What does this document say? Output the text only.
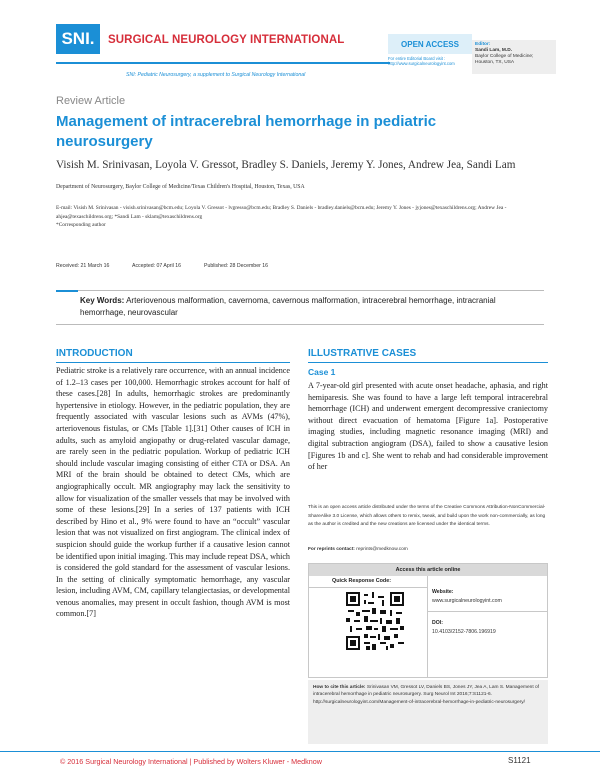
SNI.	SURGICAL NEUROLOGY INTERNATIONAL	OPEN ACCESS
For entire Editorial Board visit :
http://www.surgicalneurologyint.com
Editor:
Sandi Lam, M.D.
Baylor College of Medicine;
Houston, TX, USA
SNI: Pediatric Neurosurgery, a supplement to Surgical Neurology International
Review Article
Management of intracerebral hemorrhage in pediatric neurosurgery
Visish M. Srinivasan, Loyola V. Gressot, Bradley S. Daniels, Jeremy Y. Jones, Andrew Jea, Sandi Lam
Department of Neurosurgery, Baylor College of Medicine/Texas Children's Hospital, Houston, Texas, USA
E-mail: Visish M. Srinivasan - visish.srinivasan@bcm.edu; Loyola V. Gressot - lvgresso@bcm.edu; Bradley S. Daniels - bradley.daniels@bcm.edu; Jeremy Y. Jones - jyjones@texaschildrens.org; Andrew Jea - ahjea@texaschildrens.org; *Sandi Lam - sklam@texaschildrens.org
*Corresponding author
Received: 21 March 16	Accepted: 07 April 16	Published: 28 December 16
Key Words: Arteriovenous malformation, cavernoma, cavernous malformation, intracerebral hemorrhage, intracranial hemorrhage, neurovascular
INTRODUCTION
Pediatric stroke is a relatively rare occurrence, with an annual incidence of 1.2–13 cases per 100,000. Hemorrhagic strokes account for half of these cases.[28] In adults, hemorrhagic strokes are predominantly hypertensive in etiology. However, in the pediatric population, they are frequently associated with vascular lesions such as AVMs (47%), arteriovenous fistulas, or CMs [Table 1].[31] Other causes of ICH in adults, such as amyloid angiopathy or drug-related vascular damage, are rarely seen in the pediatric population. Workup of pediatric ICH should include vascular imaging consisting of either CTA or DSA. An MRI of the brain should be obtained to detect CMs, which are angiographically occult. MR angiography may lack the sensitivity to allow for visualization of the smaller vessels that may be involved with some of these lesions.[29] In a series of 137 patients with ICH described by Hino et al., 9% were found to have an “occult” vascular lesion that was not visualized on first angiogram. The clinical index of suspicion should guide the workup further if a causative lesion cannot be identified upon initial imaging. This may include repeat DSA, which is considered the gold standard for the assessment of vascular lesions. In the setting of clinically symptomatic hemorrhage, any vascular lesion, including AVM, CM, capillary telangiectasias, or developmental venous anomalies, may present in occult fashion, though AVM is most common.[7]
ILLUSTRATIVE CASES
Case 1
A 7-year-old girl presented with acute onset headache, aphasia, and right hemiparesis. She was found to have a large left temporal intracerebral hemorrhage (ICH) and underwent emergent decompressive craniectomy without direct evacuation of hematoma [Figure 1a]. Postoperative imaging studies, including magnetic resonance imaging (MRI) and digital subtraction angiogram (DSA), failed to show a causative lesion [Figures 1b and c]. She went to rehab and had considerable improvement of her
This is an open access article distributed under the terms of the Creative Commons Attribution-NonCommercial-ShareAlike 3.0 License, which allows others to remix, tweak, and build upon the work non-commercially, as long as the author is credited and the new creations are licensed under the identical terms.
For reprints contact: reprints@medknow.com
Access this article online
Quick Response Code:
Website:
www.surgicalneurologyint.com
DOI:
10.4103/2152-7806.196919
How to cite this article: Srinivasan VM, Gressot LV, Daniels BS, Jones JY, Jea A, Lam S. Management of intracerebral hemorrhage in pediatric neurosurgery. Surg Neurol Int 2016;7:S1121-6.
http://surgicalneurologyint.com/Management-of-intracerebral-hemorrhage-in-pediatric-neurosurgery/
© 2016 Surgical Neurology International | Published by Wolters Kluwer - Medknow	S1121
